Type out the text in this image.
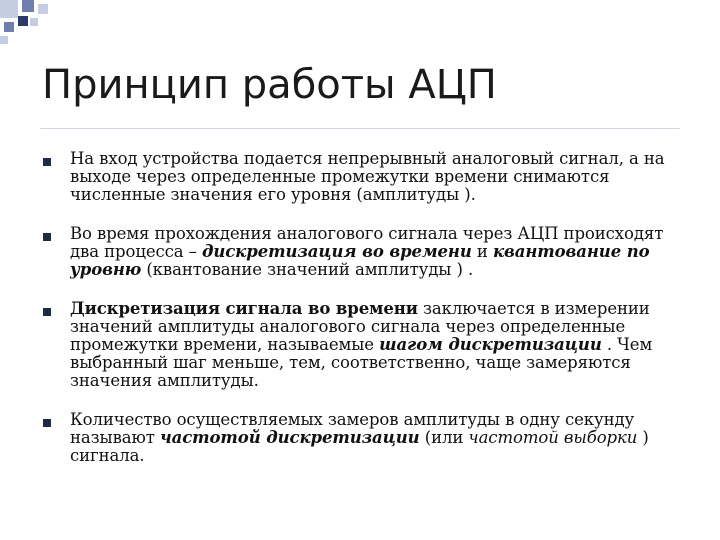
Принцип работы АЦП

На вход устройства подается непрерывный аналоговый сигнал, а на выходе через определенные промежутки времени снимаются численные значения его уровня (амплитуды ).

Во время прохождения аналогового сигнала через АЦП происходят два процесса – дискретизация во времени и квантование по уровню (квантование значений амплитуды ) .

Дискретизация сигнала во времени заключается в измерении значений амплитуды аналогового сигнала через определенные промежутки времени, называемые шагом дискретизации . Чем выбранный шаг меньше, тем, соответственно, чаще замеряются значения амплитуды.

Количество осуществляемых замеров амплитуды в одну секунду называют частотой дискретизации (или частотой выборки ) сигнала.
